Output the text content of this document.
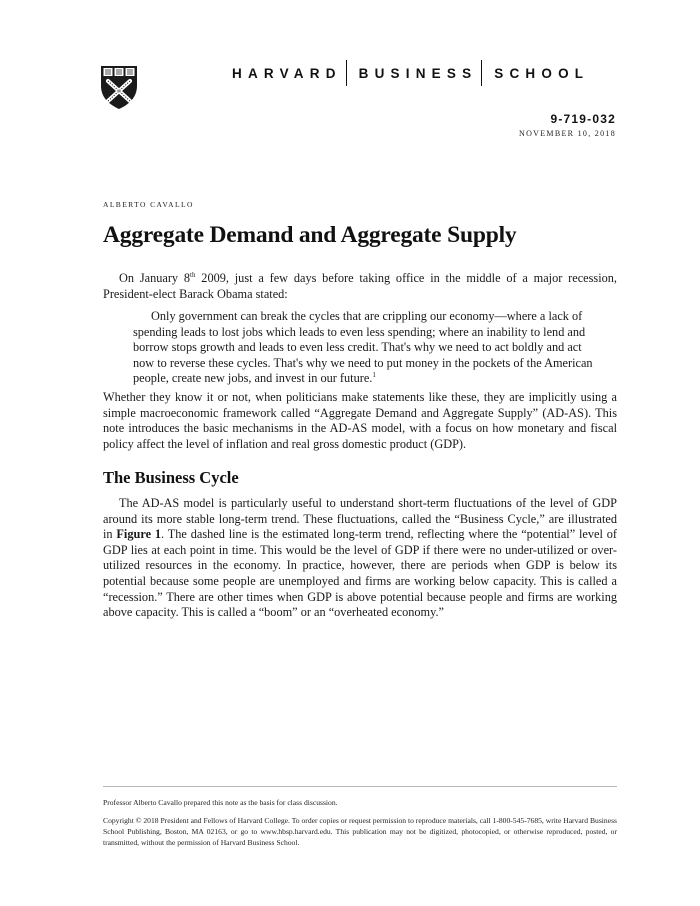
HARVARD BUSINESS SCHOOL
9-719-032
NOVEMBER 10, 2018
ALBERTO CAVALLO
Aggregate Demand and Aggregate Supply

On January 8th 2009, just a few days before taking office in the middle of a major recession, President-elect Barack Obama stated:

Only government can break the cycles that are crippling our economy—where a lack of spending leads to lost jobs which leads to even less spending; where an inability to lend and borrow stops growth and leads to even less credit. That's why we need to act boldly and act now to reverse these cycles. That's why we need to put money in the pockets of the American people, create new jobs, and invest in our future.$^1$

Whether they know it or not, when politicians make statements like these, they are implicitly using a simple macroeconomic framework called “Aggregate Demand and Aggregate Supply” (AD-AS). This note introduces the basic mechanisms in the AD-AS model, with a focus on how monetary and fiscal policy affect the level of inflation and real gross domestic product (GDP).

The Business Cycle

The AD-AS model is particularly useful to understand short-term fluctuations of the level of GDP around its more stable long-term trend. These fluctuations, called the “Business Cycle,” are illustrated in Figure 1. The dashed line is the estimated long-term trend, reflecting where the “potential” level of GDP lies at each point in time. This would be the level of GDP if there were no under-utilized or over-utilized resources in the economy. In practice, however, there are periods when GDP is below its potential because some people are unemployed and firms are working below capacity. This is called a “recession.” There are other times when GDP is above potential because people and firms are working above capacity. This is called a “boom” or an “overheated economy.”

Professor Alberto Cavallo prepared this note as the basis for class discussion.

Copyright © 2018 President and Fellows of Harvard College. To order copies or request permission to reproduce materials, call 1-800-545-7685, write Harvard Business School Publishing, Boston, MA 02163, or go to www.hbsp.harvard.edu. This publication may not be digitized, photocopied, or otherwise reproduced, posted, or transmitted, without the permission of Harvard Business School.
